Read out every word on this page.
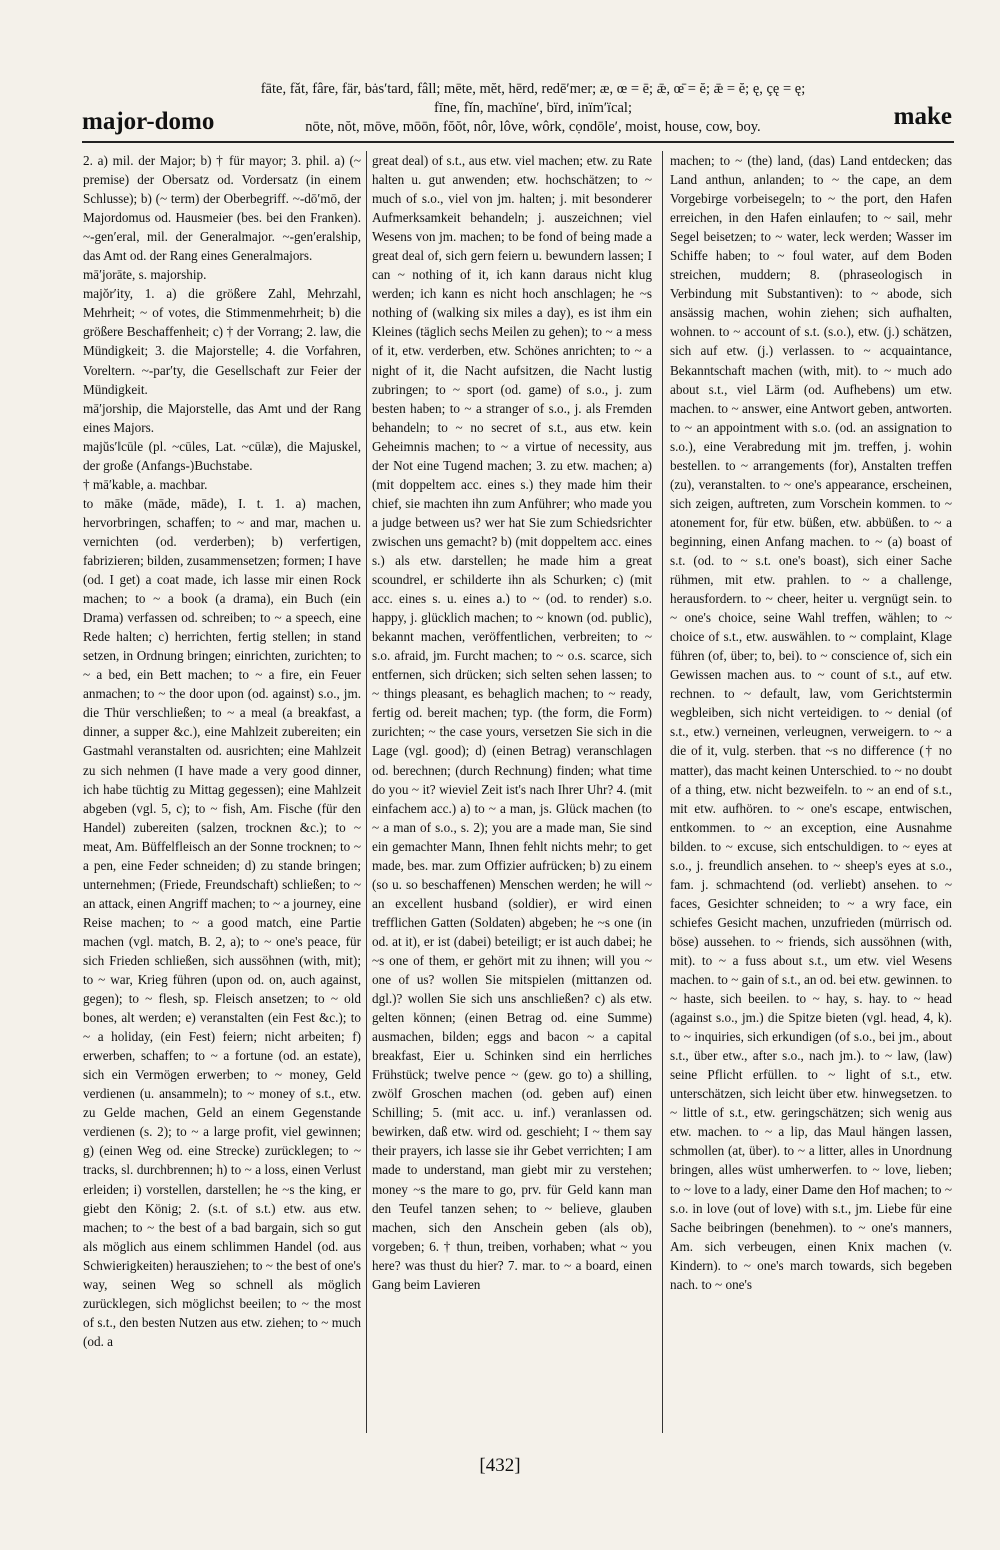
major-domo
fāte, fǎt, fâre, fär, bȧs′tard, fâll; mēte, mĕt, hērd, redē′mer; æ, œ = ē; ǣ, œ̄ = ĕ; ǣ = ĕ; ę, çę = ę;
fīne, fǐn, machïne′, bïrd, inïm′ïcal;
nōte, nŏt, mōve, mōōn, fŏŏt, nôr, lôve, wôrk, cọndōle′, moist, house, cow, boy.	make

2. a) mil. der Major; b) † für mayor; 3. phil. a) (~ premise) der Obersatz od. Vordersatz (in einem Schlusse); b) (~ term) der Oberbegriff. ~-dō′mō, der Majordomus od. Hausmeier (bes. bei den Franken). ~-gen′eral, mil. der Generalmajor. ~-gen′eralship, das Amt od. der Rang eines Generalmajors.

mā′jorāte, s. majorship.

majŏr′ity, 1. a) die größere Zahl, Mehrzahl, Mehrheit; ~ of votes, die Stimmenmehrheit; b) die größere Beschaffenheit; c) † der Vorrang; 2. law, die Mündigkeit; 3. die Majorstelle; 4. die Vorfahren, Voreltern. ~-par′ty, die Gesellschaft zur Feier der Mündigkeit.

mā′jorship, die Majorstelle, das Amt und der Rang eines Majors.

majŭs′‖cūle (pl. ~cūles, Lat. ~cūlæ), die Majuskel, der große (Anfangs-)Buchstabe.

† mā′kable, a. machbar.

to māke (māde, māde), I. t. 1. a) machen, hervorbringen, schaffen; to ~ and mar, machen u. vernichten (od. verderben); b) verfertigen, fabrizieren; bilden, zusammensetzen; formen; I have (od. I get) a coat made, ich lasse mir einen Rock machen; to ~ a book (a drama), ein Buch (ein Drama) verfassen od. schreiben; to ~ a speech, eine Rede halten; c) herrichten, fertig stellen; in stand setzen, in Ordnung bringen; einrichten, zurichten; to ~ a bed, ein Bett machen; to ~ a fire, ein Feuer anmachen; to ~ the door upon (od. against) s.o., jm. die Thür verschließen; to ~ a meal (a breakfast, a dinner, a supper &c.), eine Mahlzeit zubereiten; ein Gastmahl veranstalten od. ausrichten; eine Mahlzeit zu sich nehmen (I have made a very good dinner, ich habe tüchtig zu Mittag gegessen); eine Mahlzeit abgeben (vgl. 5, c); to ~ fish, Am. Fische (für den Handel) zubereiten (salzen, trocknen &c.); to ~ meat, Am. Büffelfleisch an der Sonne trocknen; to ~ a pen, eine Feder schneiden; d) zu stande bringen; unternehmen; (Friede, Freundschaft) schließen; to ~ an attack, einen Angriff machen; to ~ a journey, eine Reise machen; to ~ a good match, eine Partie machen (vgl. match, B. 2, a); to ~ one's peace, für sich Frieden schließen, sich aussöhnen (with, mit); to ~ war, Krieg führen (upon od. on, auch against, gegen); to ~ flesh, sp. Fleisch ansetzen; to ~ old bones, alt werden; e) veranstalten (ein Fest &c.); to ~ a holiday, (ein Fest) feiern; nicht arbeiten; f) erwerben, schaffen; to ~ a fortune (od. an estate), sich ein Vermögen erwerben; to ~ money, Geld verdienen (u. ansammeln); to ~ money of s.t., etw. zu Gelde machen, Geld an einem Gegenstande verdienen (s. 2); to ~ a large profit, viel gewinnen; g) (einen Weg od. eine Strecke) zurücklegen; to ~ tracks, sl. durchbrennen; h) to ~ a loss, einen Verlust erleiden; i) vorstellen, darstellen; he ~s the king, er giebt den König; 2. (s.t. of s.t.) etw. aus etw. machen; to ~ the best of a bad bargain, sich so gut als möglich aus einem schlimmen Handel (od. aus Schwierigkeiten) herausziehen; to ~ the best of one's way, seinen Weg so schnell als möglich zurücklegen, sich möglichst beeilen; to ~ the most of s.t., den besten Nutzen aus etw. ziehen; to ~ much (od. a

great deal) of s.t., aus etw. viel machen; etw. zu Rate halten u. gut anwenden; etw. hochschätzen; to ~ much of s.o., viel von jm. halten; j. mit besonderer Aufmerksamkeit behandeln; j. auszeichnen; viel Wesens von jm. machen; to be fond of being made a great deal of, sich gern feiern u. bewundern lassen; I can ~ nothing of it, ich kann daraus nicht klug werden; ich kann es nicht hoch anschlagen; he ~s nothing of (walking six miles a day), es ist ihm ein Kleines (täglich sechs Meilen zu gehen); to ~ a mess of it, etw. verderben, etw. Schönes anrichten; to ~ a night of it, die Nacht aufsitzen, die Nacht lustig zubringen; to ~ sport (od. game) of s.o., j. zum besten haben; to ~ a stranger of s.o., j. als Fremden behandeln; to ~ no secret of s.t., aus etw. kein Geheimnis machen; to ~ a virtue of necessity, aus der Not eine Tugend machen; 3. zu etw. machen; a) (mit doppeltem acc. eines s.) they made him their chief, sie machten ihn zum Anführer; who made you a judge between us? wer hat Sie zum Schiedsrichter zwischen uns gemacht? b) (mit doppeltem acc. eines s.) als etw. darstellen; he made him a great scoundrel, er schilderte ihn als Schurken; c) (mit acc. eines s. u. eines a.) to ~ (od. to render) s.o. happy, j. glücklich machen; to ~ known (od. public), bekannt machen, veröffentlichen, verbreiten; to ~ s.o. afraid, jm. Furcht machen; to ~ o.s. scarce, sich entfernen, sich drücken; sich selten sehen lassen; to ~ things pleasant, es behaglich machen; to ~ ready, fertig od. bereit machen; typ. (the form, die Form) zurichten; ~ the case yours, versetzen Sie sich in die Lage (vgl. good); d) (einen Betrag) veranschlagen od. berechnen; (durch Rechnung) finden; what time do you ~ it? wieviel Zeit ist's nach Ihrer Uhr? 4. (mit einfachem acc.) a) to ~ a man, js. Glück machen (to ~ a man of s.o., s. 2); you are a made man, Sie sind ein gemachter Mann, Ihnen fehlt nichts mehr; to get made, bes. mar. zum Offizier aufrücken; b) zu einem (so u. so beschaffenen) Menschen werden; he will ~ an excellent husband (soldier), er wird einen trefflichen Gatten (Soldaten) abgeben; he ~s one (in od. at it), er ist (dabei) beteiligt; er ist auch dabei; he ~s one of them, er gehört mit zu ihnen; will you ~ one of us? wollen Sie mitspielen (mittanzen od. dgl.)? wollen Sie sich uns anschließen? c) als etw. gelten können; (einen Betrag od. eine Summe) ausmachen, bilden; eggs and bacon ~ a capital breakfast, Eier u. Schinken sind ein herrliches Frühstück; twelve pence ~ (gew. go to) a shilling, zwölf Groschen machen (od. geben auf) einen Schilling; 5. (mit acc. u. inf.) veranlassen od. bewirken, daß etw. wird od. geschieht; I ~ them say their prayers, ich lasse sie ihr Gebet verrichten; I am made to understand, man giebt mir zu verstehen; money ~s the mare to go, prv. für Geld kann man den Teufel tanzen sehen; to ~ believe, glauben machen, sich den Anschein geben (als ob), vorgeben; 6. † thun, treiben, vorhaben; what ~ you here? was thust du hier? 7. mar. to ~ a board, einen Gang beim Lavieren

machen; to ~ (the) land, (das) Land entdecken; das Land anthun, anlanden; to ~ the cape, an dem Vorgebirge vorbeisegeln; to ~ the port, den Hafen erreichen, in den Hafen einlaufen; to ~ sail, mehr Segel beisetzen; to ~ water, leck werden; Wasser im Schiffe haben; to ~ foul water, auf dem Boden streichen, muddern; 8. (phraseologisch in Verbindung mit Substantiven): to ~ abode, sich ansässig machen, wohin ziehen; sich aufhalten, wohnen. to ~ account of s.t. (s.o.), etw. (j.) schätzen, sich auf etw. (j.) verlassen. to ~ acquaintance, Bekanntschaft machen (with, mit). to ~ much ado about s.t., viel Lärm (od. Aufhebens) um etw. machen. to ~ answer, eine Antwort geben, antworten. to ~ an appointment with s.o. (od. an assignation to s.o.), eine Verabredung mit jm. treffen, j. wohin bestellen. to ~ arrangements (for), Anstalten treffen (zu), veranstalten. to ~ one's appearance, erscheinen, sich zeigen, auftreten, zum Vorschein kommen. to ~ atonement for, für etw. büßen, etw. abbüßen. to ~ a beginning, einen Anfang machen. to ~ (a) boast of s.t. (od. to ~ s.t. one's boast), sich einer Sache rühmen, mit etw. prahlen. to ~ a challenge, herausfordern. to ~ cheer, heiter u. vergnügt sein. to ~ one's choice, seine Wahl treffen, wählen; to ~ choice of s.t., etw. auswählen. to ~ complaint, Klage führen (of, über; to, bei). to ~ conscience of, sich ein Gewissen machen aus. to ~ count of s.t., auf etw. rechnen. to ~ default, law, vom Gerichtstermin wegbleiben, sich nicht verteidigen. to ~ denial (of s.t., etw.) verneinen, verleugnen, verweigern. to ~ a die of it, vulg. sterben. that ~s no difference († no matter), das macht keinen Unterschied. to ~ no doubt of a thing, etw. nicht bezweifeln. to ~ an end of s.t., mit etw. aufhören. to ~ one's escape, entwischen, entkommen. to ~ an exception, eine Ausnahme bilden. to ~ excuse, sich entschuldigen. to ~ eyes at s.o., j. freundlich ansehen. to ~ sheep's eyes at s.o., fam. j. schmachtend (od. verliebt) ansehen. to ~ faces, Gesichter schneiden; to ~ a wry face, ein schiefes Gesicht machen, unzufrieden (mürrisch od. böse) aussehen. to ~ friends, sich aussöhnen (with, mit). to ~ a fuss about s.t., um etw. viel Wesens machen. to ~ gain of s.t., an od. bei etw. gewinnen. to ~ haste, sich beeilen. to ~ hay, s. hay. to ~ head (against s.o., jm.) die Spitze bieten (vgl. head, 4, k). to ~ inquiries, sich erkundigen (of s.o., bei jm., about s.t., über etw., after s.o., nach jm.). to ~ law, (law) seine Pflicht erfüllen. to ~ light of s.t., etw. unterschätzen, sich leicht über etw. hinwegsetzen. to ~ little of s.t., etw. geringschätzen; sich wenig aus etw. machen. to ~ a lip, das Maul hängen lassen, schmollen (at, über). to ~ a litter, alles in Unordnung bringen, alles wüst umherwerfen. to ~ love, lieben; to ~ love to a lady, einer Dame den Hof machen; to ~ s.o. in love (out of love) with s.t., jm. Liebe für eine Sache beibringen (benehmen). to ~ one's manners, Am. sich verbeugen, einen Knix machen (v. Kindern). to ~ one's march towards, sich begeben nach. to ~ one's

[432]
